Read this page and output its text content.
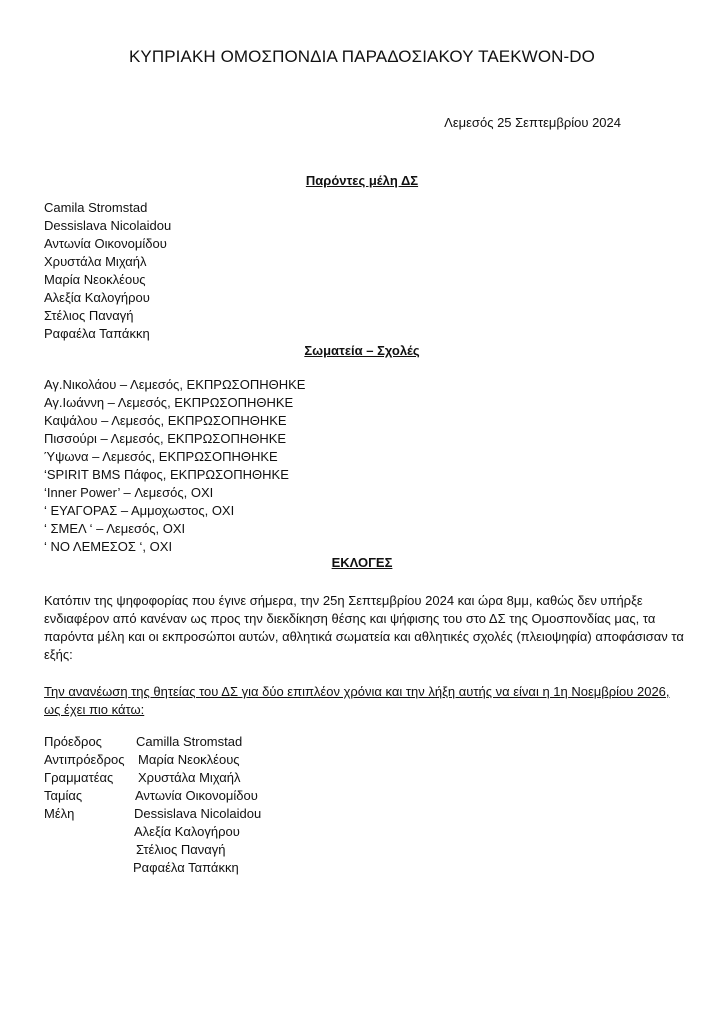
ΚΥΠΡΙΑΚΗ ΟΜΟΣΠΟΝΔΙΑ ΠΑΡΑΔΟΣΙΑΚΟΥ TAEKWON-DO
Λεμεσός 25 Σεπτεμβρίου 2024
Παρόντες μέλη ΔΣ
Camila Stromstad
Dessislava Nicolaidou
Αντωνία Οικονομίδου
Χρυστάλα Μιχαήλ
Μαρία Νεοκλέους
Αλεξία Καλογήρου
Στέλιος Παναγή
Ραφαέλα Ταπάκκη
Σωματεία – Σχολές
Αγ.Νικολάου – Λεμεσός, ΕΚΠΡΩΣΟΠΗΘΗΚΕ
Αγ.Ιωάννη – Λεμεσός, ΕΚΠΡΩΣΟΠΗΘΗΚΕ
Καψάλου – Λεμεσός, ΕΚΠΡΩΣΟΠΗΘΗΚΕ
Πισσούρι – Λεμεσός, ΕΚΠΡΩΣΟΠΗΘΗΚΕ
Ύψωνα – Λεμεσός, ΕΚΠΡΩΣΟΠΗΘΗΚΕ
‘SPIRIT BMS Πάφος, ΕΚΠΡΩΣΟΠΗΘΗΚΕ
‘Inner Power’ – Λεμεσός, ΟΧΙ
‘ ΕΥΑΓΟΡΑΣ – Αμμοχωστος, ΟΧΙ
‘ ΣΜΕΛ ‘ – Λεμεσός, ΟΧΙ
‘ ΝΟ ΛΕΜΕΣΟΣ ‘, ΟΧΙ
ΕΚΛΟΓΕΣ
Κατόπιν της ψηφοφορίας που έγινε σήμερα, την 25η Σεπτεμβρίου 2024 και ώρα 8μμ, καθώς δεν υπήρξε ενδιαφέρον από κανέναν ως προς την διεκδίκηση θέσης και ψήφισης του στο ΔΣ της Ομοσπονδίας μας, τα παρόντα μέλη και οι εκπροσώποι αυτών, αθλητικά σωματεία και αθλητικές σχολές (πλειοψηφία) αποφάσισαν τα εξής:
Την ανανέωση της θητείας του ΔΣ για δύο επιπλέον χρόνια και την λήξη αυτής να είναι η 1η Νοεμβρίου 2026, ως έχει πιο κάτω:
Πρόεδρος	Camilla Stromstad
Αντιπρόεδρος Μαρία Νεοκλέους
Γραμματέας Χρυστάλα Μιχαήλ
Ταμίας	Αντωνία Οικονομίδου
Μέλη	Dessislava Nicolaidou
Αλεξία Καλογήρου
Στέλιος Παναγή
Ραφαέλα Ταπάκκη
